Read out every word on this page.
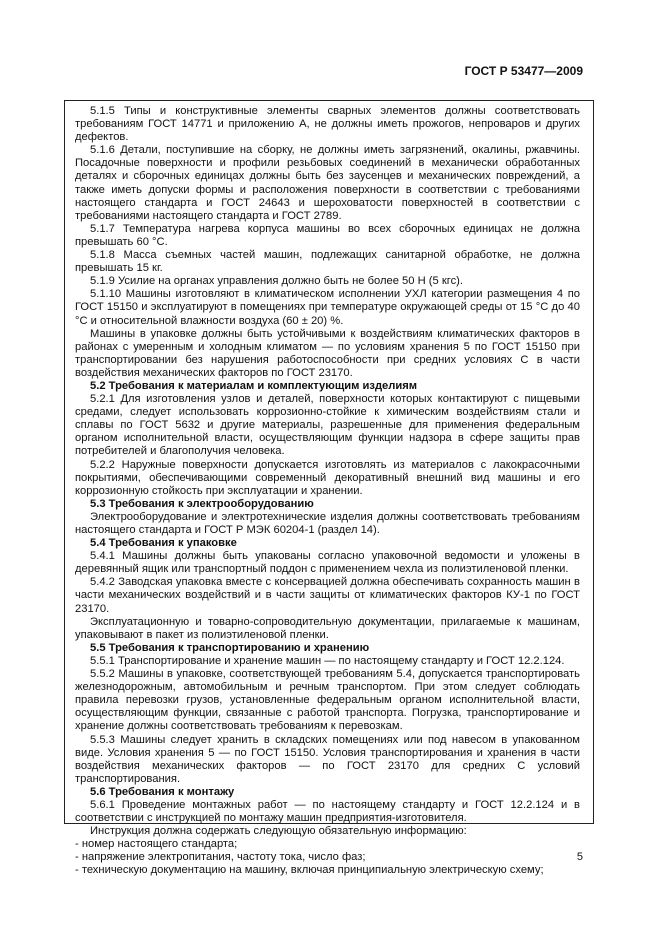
ГОСТ Р 53477—2009

5.1.5 Типы и конструктивные элементы сварных элементов должны соответствовать требованиям ГОСТ 14771 и приложению А, не должны иметь прожогов, непроваров и других дефектов.

5.1.6 Детали, поступившие на сборку, не должны иметь загрязнений, окалины, ржавчины. Посадочные поверхности и профили резьбовых соединений в механически обработанных деталях и сборочных единицах должны быть без заусенцев и механических повреждений, а также иметь допуски формы и расположения поверхности в соответствии с требованиями настоящего стандарта и ГОСТ 24643 и шероховатости поверхностей в соответствии с требованиями настоящего стандарта и ГОСТ 2789.

5.1.7 Температура нагрева корпуса машины во всех сборочных единицах не должна превышать 60 °С.

5.1.8 Масса съемных частей машин, подлежащих санитарной обработке, не должна превышать 15 кг.

5.1.9 Усилие на органах управления должно быть не более 50 Н (5 кгс).

5.1.10 Машины изготовляют в климатическом исполнении УХЛ категории размещения 4 по ГОСТ 15150 и эксплуатируют в помещениях при температуре окружающей среды от 15 °С до 40 °С и относительной влажности воздуха (60 ± 20) %.

Машины в упаковке должны быть устойчивыми к воздействиям климатических факторов в районах с умеренным и холодным климатом — по условиям хранения 5 по ГОСТ 15150 при транспортировании без нарушения работоспособности при средних условиях С в части воздействия механических факторов по ГОСТ 23170.

5.2 Требования к материалам и комплектующим изделиям

5.2.1 Для изготовления узлов и деталей, поверхности которых контактируют с пищевыми средами, следует использовать коррозионно-стойкие к химическим воздействиям стали и сплавы по ГОСТ 5632 и другие материалы, разрешенные для применения федеральным органом исполнительной власти, осуществляющим функции надзора в сфере защиты прав потребителей и благополучия человека.

5.2.2 Наружные поверхности допускается изготовлять из материалов с лакокрасочными покрытиями, обеспечивающими современный декоративный внешний вид машины и его коррозионную стойкость при эксплуатации и хранении.

5.3 Требования к электрооборудованию

Электрооборудование и электротехнические изделия должны соответствовать требованиям настоящего стандарта и ГОСТ Р МЭК 60204-1 (раздел 14).

5.4 Требования к упаковке

5.4.1 Машины должны быть упакованы согласно упаковочной ведомости и уложены в деревянный ящик или транспортный поддон с применением чехла из полиэтиленовой пленки.

5.4.2 Заводская упаковка вместе с консервацией должна обеспечивать сохранность машин в части механических воздействий и в части защиты от климатических факторов КУ-1 по ГОСТ 23170.

Эксплуатационную и товарно-сопроводительную документации, прилагаемые к машинам, упаковывают в пакет из полиэтиленовой пленки.

5.5 Требования к транспортированию и хранению

5.5.1 Транспортирование и хранение машин — по настоящему стандарту и ГОСТ 12.2.124.

5.5.2 Машины в упаковке, соответствующей требованиям 5.4, допускается транспортировать железнодорожным, автомобильным и речным транспортом. При этом следует соблюдать правила перевозки грузов, установленные федеральным органом исполнительной власти, осуществляющим функции, связанные с работой транспорта. Погрузка, транспортирование и хранение должны соответствовать требованиям к перевозкам.

5.5.3 Машины следует хранить в складских помещениях или под навесом в упакованном виде. Условия хранения 5 — по ГОСТ 15150. Условия транспортирования и хранения в части воздействия механических факторов — по ГОСТ 23170 для средних С условий транспортирования.

5.6 Требования к монтажу

5.6.1 Проведение монтажных работ — по настоящему стандарту и ГОСТ 12.2.124 и в соответствии с инструкцией по монтажу машин предприятия-изготовителя.

Инструкция должна содержать следующую обязательную информацию:

- номер настоящего стандарта;

- напряжение электропитания, частоту тока, число фаз;

- техническую документацию на машину, включая принципиальную электрическую схему;

5
